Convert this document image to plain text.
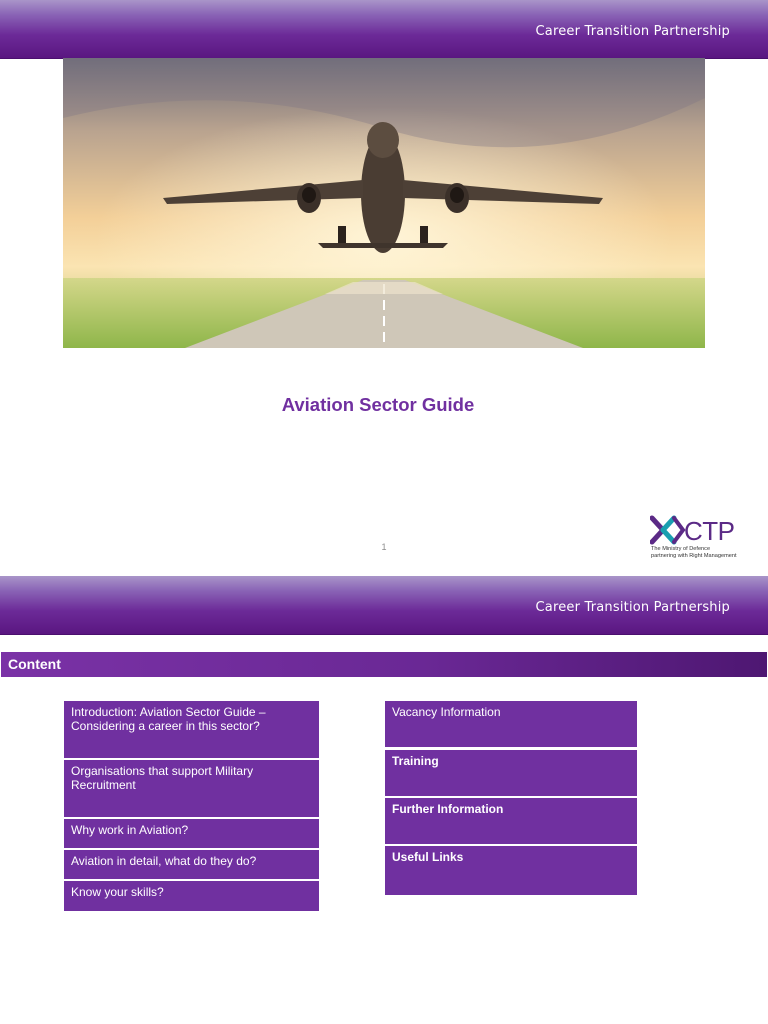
Career Transition Partnership
Aviation Sector Guide
1
CTP
The Ministry of Defence
partnering with Right Management
Career Transition Partnership
Content
Introduction: Aviation Sector Guide – Considering a career in this sector?
Organisations that support Military Recruitment
Why work in Aviation?
Aviation in detail, what do they do?
Know your skills?
Vacancy Information
Training
Further Information
Useful Links
